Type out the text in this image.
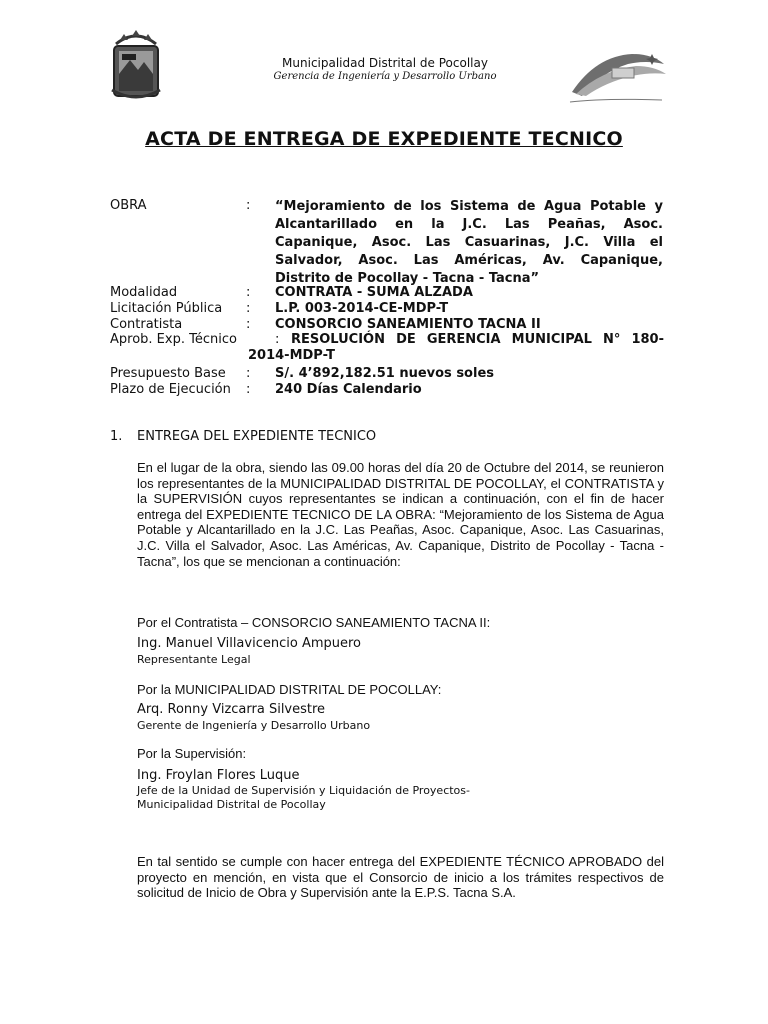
Municipalidad Distrital de Pocollay
Gerencia de Ingeniería y Desarrollo Urbano
ACTA DE ENTREGA DE EXPEDIENTE TECNICO
OBRA	: “Mejoramiento de los Sistema de Agua Potable y Alcantarillado en la J.C. Las Peañas, Asoc. Capanique, Asoc. Las Casuarinas, J.C. Villa el Salvador, Asoc. Las Américas, Av. Capanique, Distrito de Pocollay - Tacna - Tacna”
Modalidad	: CONTRATA - SUMA ALZADA
Licitación Pública : L.P. 003-2014-CE-MDP-T
Contratista	: CONSORCIO SANEAMIENTO TACNA II
Aprob. Exp. Técnico	: RESOLUCIÓN DE GERENCIA MUNICIPAL N° 180-2014-MDP-T
Presupuesto Base : S/. 4’892,182.51 nuevos soles
Plazo de Ejecución : 240 Días Calendario
1. ENTREGA DEL EXPEDIENTE TECNICO
En el lugar de la obra, siendo las 09.00 horas del día 20 de Octubre del 2014, se reunieron los representantes de la MUNICIPALIDAD DISTRITAL DE POCOLLAY, el CONTRATISTA y la SUPERVISIÓN cuyos representantes se indican a continuación, con el fin de hacer entrega del EXPEDIENTE TECNICO DE LA OBRA: “Mejoramiento de los Sistema de Agua Potable y Alcantarillado en la J.C. Las Peañas, Asoc. Capanique, Asoc. Las Casuarinas, J.C. Villa el Salvador, Asoc. Las Américas, Av. Capanique, Distrito de Pocollay - Tacna - Tacna”, los que se mencionan a continuación:
Por el Contratista – CONSORCIO SANEAMIENTO TACNA II:
Ing. Manuel Villavicencio Ampuero
Representante Legal
Por la MUNICIPALIDAD DISTRITAL DE POCOLLAY:
Arq. Ronny Vizcarra Silvestre
Gerente de Ingeniería y Desarrollo Urbano
Por la Supervisión:
Ing. Froylan Flores Luque
Jefe de la Unidad de Supervisión y Liquidación de Proyectos-
Municipalidad Distrital de Pocollay
En tal sentido se cumple con hacer entrega del EXPEDIENTE TÉCNICO APROBADO del proyecto en mención, en vista que el Consorcio de inicio a los trámites respectivos de solicitud de Inicio de Obra y Supervisión ante la E.P.S. Tacna S.A.
